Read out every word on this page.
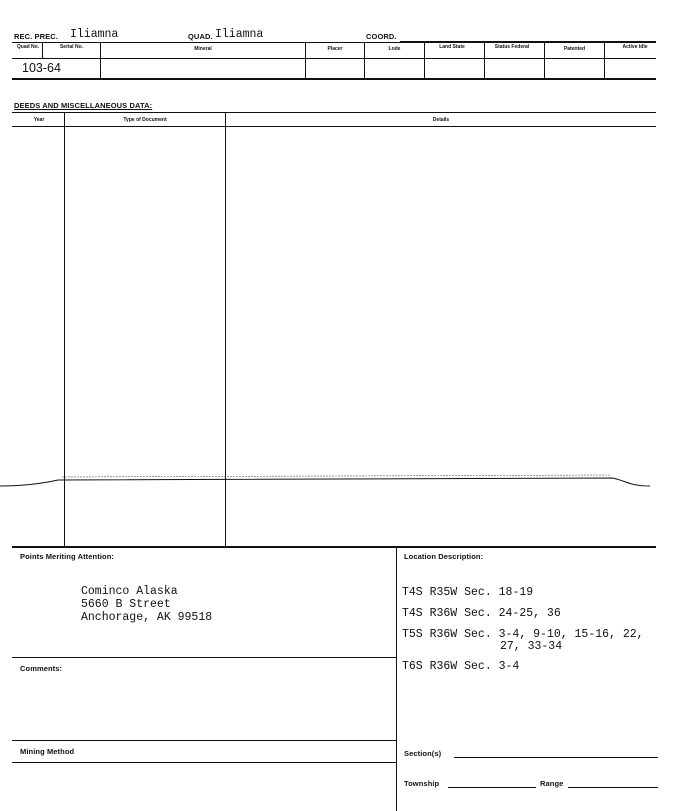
REC. PREC. Iliamna	QUAD. Iliamna	COORD.
Quad No.	Serial No.	Mineral	Placer	Lode	Land State	Status Federal	Patented	Active Idle
103-64
DEEDS AND MISCELLANEOUS DATA:
Year	Type of Document	Details
Points Meriting Attention:
Cominco Alaska
5660 B Street
Anchorage, AK 99518
Comments:
Mining Method
Location Description:
T4S R35W Sec. 18-19
T4S R36W Sec. 24-25, 36
T5S R36W Sec. 3-4, 9-10, 15-16, 22,
27, 33-34
T6S R36W Sec. 3-4
Section(s)
Township	Range
